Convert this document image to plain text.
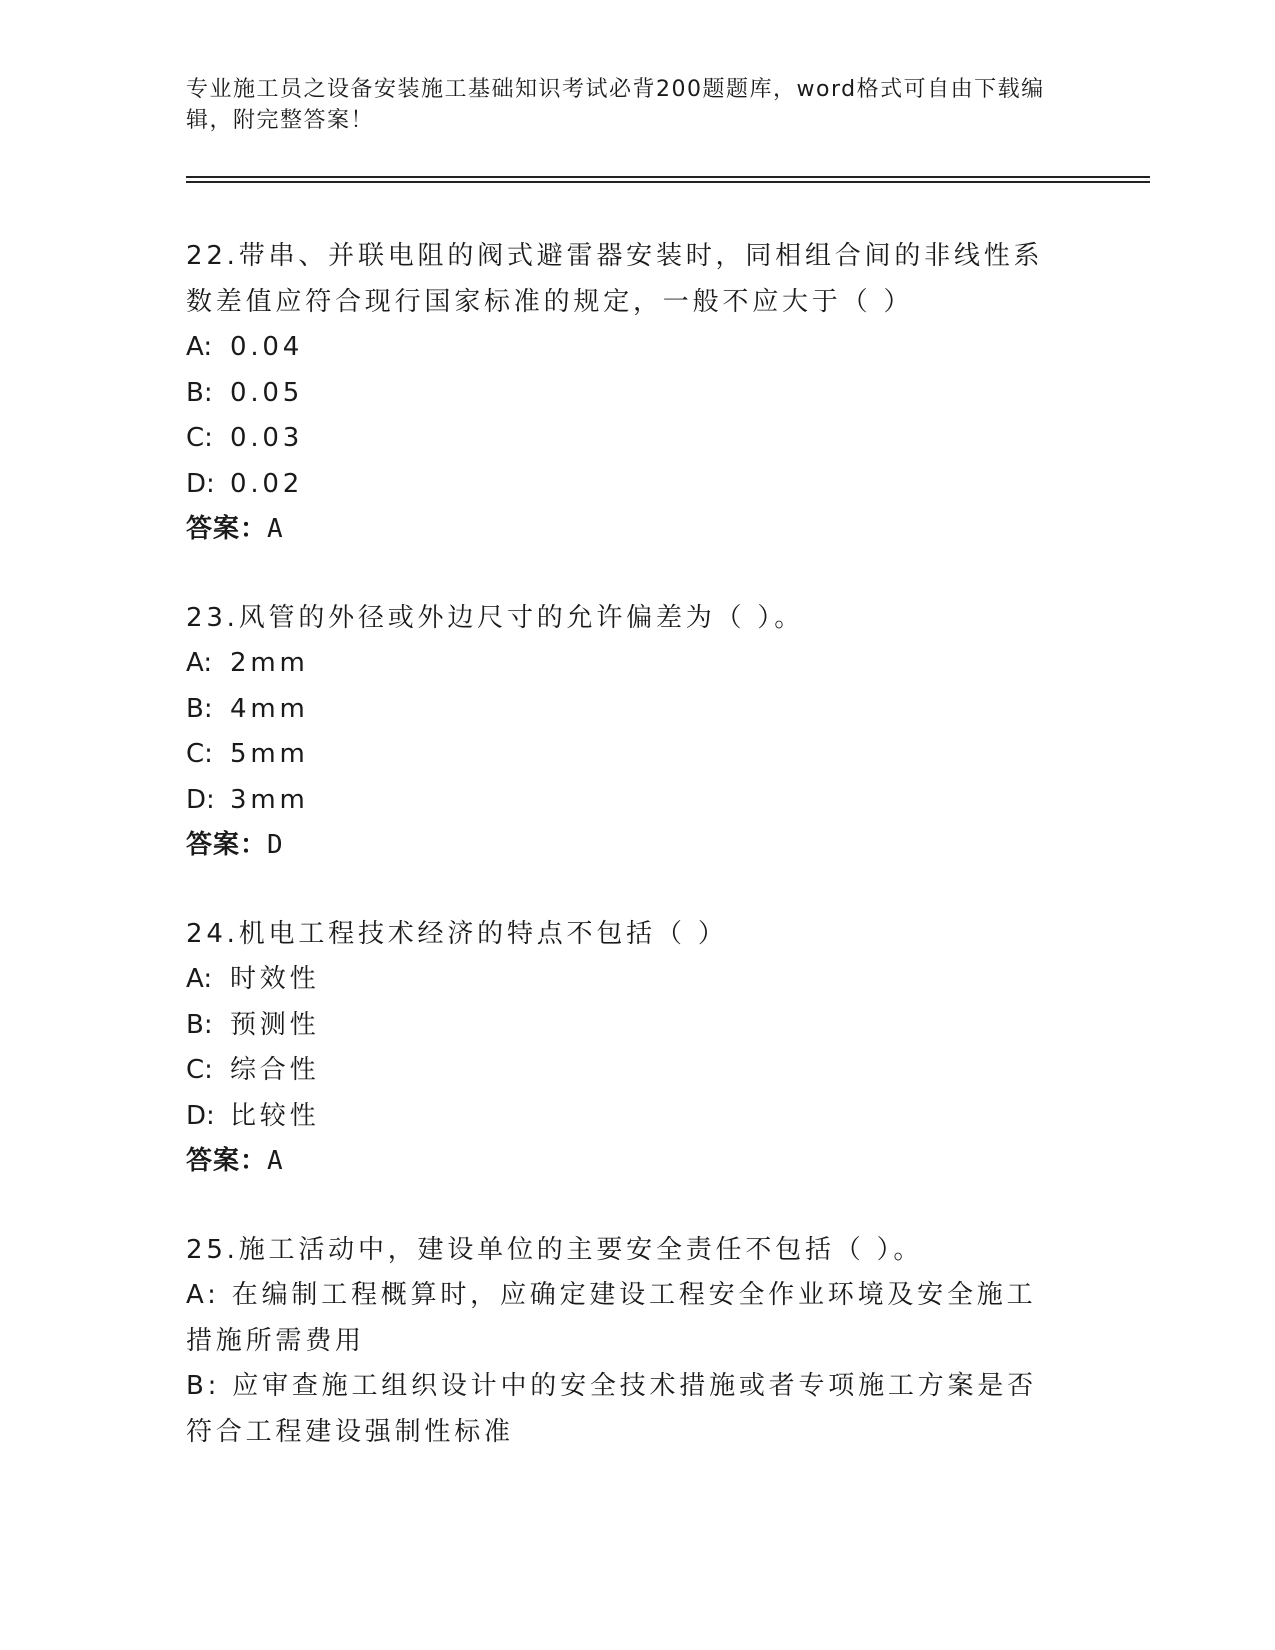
专业施工员之设备安装施工基础知识考试必背200题题库，word格式可自由下载编辑，附完整答案！
22.带串、并联电阻的阀式避雷器安装时，同相组合间的非线性系数差值应符合现行国家标准的规定，一般不应大于（ ）
A: 0.04
B: 0.05
C: 0.03
D: 0.02
答案：A
23.风管的外径或外边尺寸的允许偏差为（ ）。
A: 2mm
B: 4mm
C: 5mm
D: 3mm
答案：D
24.机电工程技术经济的特点不包括（ ）
A: 时效性
B: 预测性
C: 综合性
D: 比较性
答案：A
25.施工活动中，建设单位的主要安全责任不包括（ ）。
A: 在编制工程概算时，应确定建设工程安全作业环境及安全施工措施所需费用
B: 应审查施工组织设计中的安全技术措施或者专项施工方案是否符合工程建设强制性标准
